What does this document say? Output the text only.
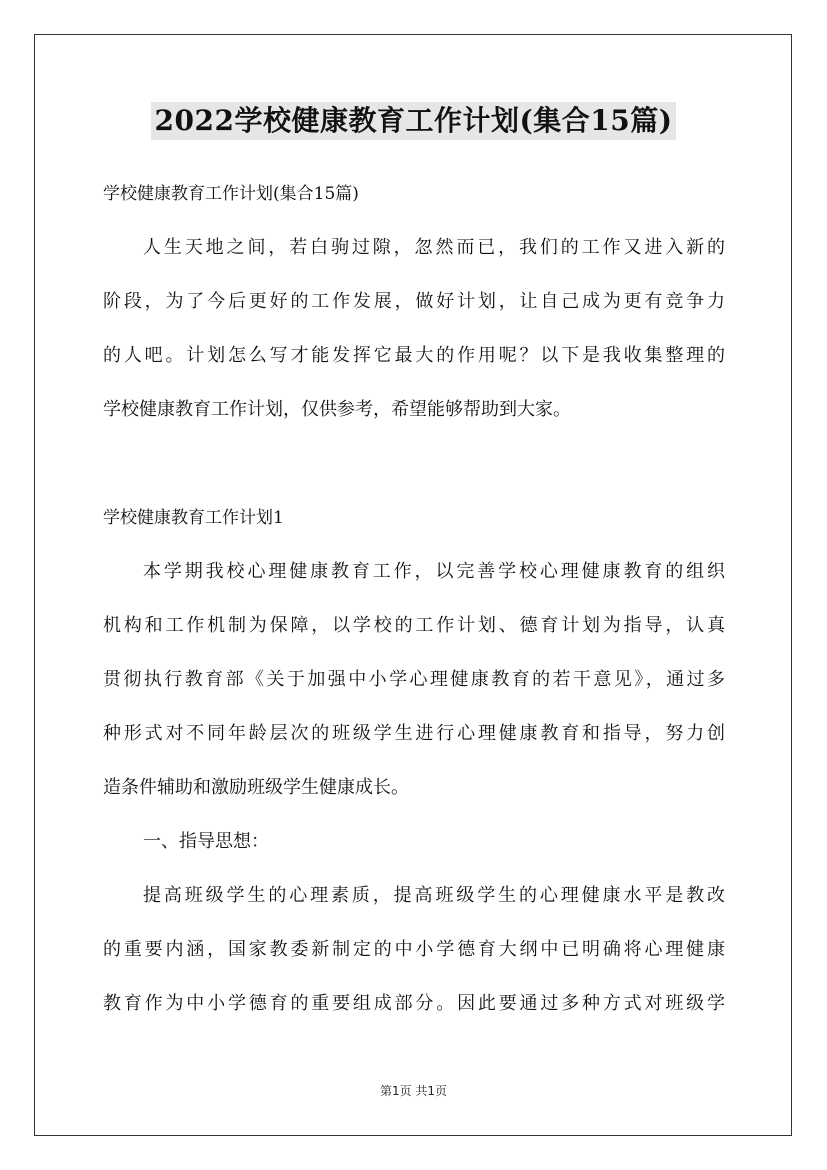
2022学校健康教育工作计划(集合15篇)
学校健康教育工作计划(集合15篇)
人生天地之间，若白驹过隙，忽然而已，我们的工作又进入新的
阶段，为了今后更好的工作发展，做好计划，让自己成为更有竞争力
的人吧。计划怎么写才能发挥它最大的作用呢？以下是我收集整理的
学校健康教育工作计划，仅供参考，希望能够帮助到大家。
学校健康教育工作计划1
本学期我校心理健康教育工作，以完善学校心理健康教育的组织
机构和工作机制为保障，以学校的工作计划、德育计划为指导，认真
贯彻执行教育部《关于加强中小学心理健康教育的若干意见》，通过多
种形式对不同年龄层次的班级学生进行心理健康教育和指导，努力创
造条件辅助和激励班级学生健康成长。
一、指导思想：
提高班级学生的心理素质，提高班级学生的心理健康水平是教改
的重要内涵，国家教委新制定的中小学德育大纲中已明确将心理健康
教育作为中小学德育的重要组成部分。因此要通过多种方式对班级学
第1页 共1页
